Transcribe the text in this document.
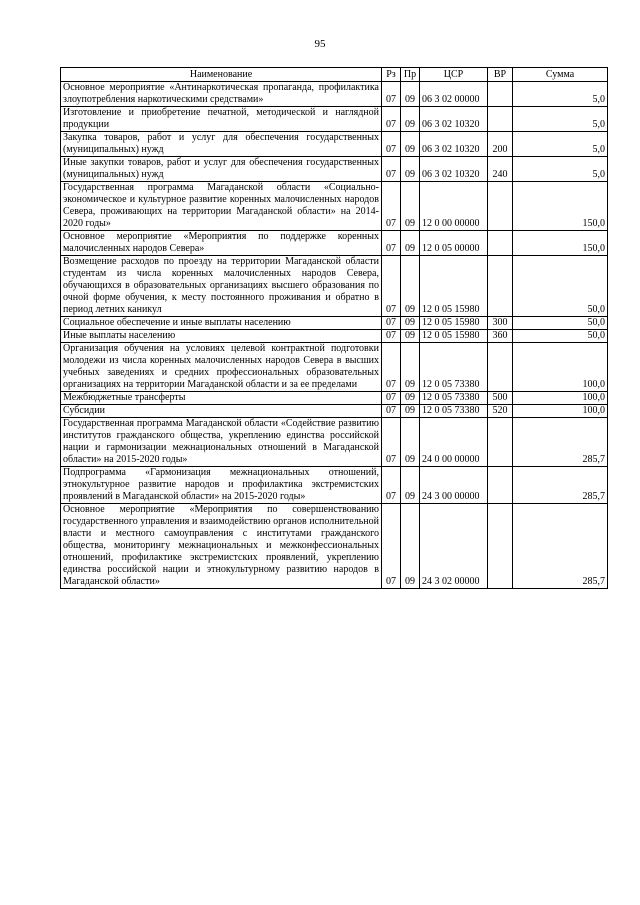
95
Наименование	Рз	Пр	ЦСР	ВР	Сумма
Основное мероприятие «Антинаркотическая пропаганда, профилактика злоупотребления наркотическими средствами»	07	09	06 3 02 00000		5,0
Изготовление и приобретение печатной, методической и наглядной продукции	07	09	06 3 02 10320		5,0
Закупка товаров, работ и услуг для обеспечения государственных (муниципальных) нужд	07	09	06 3 02 10320	200	5,0
Иные закупки товаров, работ и услуг для обеспечения государственных (муниципальных) нужд	07	09	06 3 02 10320	240	5,0
Государственная программа Магаданской области «Социально-экономическое и культурное развитие коренных малочисленных народов Севера, проживающих на территории Магаданской области» на 2014-2020 годы»	07	09	12 0 00 00000		150,0
Основное мероприятие «Мероприятия по поддержке коренных малочисленных народов Севера»	07	09	12 0 05 00000		150,0
Возмещение расходов по проезду на территории Магаданской области студентам из числа коренных малочисленных народов Севера, обучающихся в образовательных организациях высшего образования по очной форме обучения, к месту постоянного проживания и обратно в период летних каникул	07	09	12 0 05 15980		50,0
Социальное обеспечение и иные выплаты населению	07	09	12 0 05 15980	300	50,0
Иные выплаты населению	07	09	12 0 05 15980	360	50,0
Организация обучения на условиях целевой контрактной подготовки молодежи из числа коренных малочисленных народов Севера в высших учебных заведениях и средних профессиональных образовательных организациях на территории Магаданской области и за ее пределами	07	09	12 0 05 73380		100,0
Межбюджетные трансферты	07	09	12 0 05 73380	500	100,0
Субсидии	07	09	12 0 05 73380	520	100,0
Государственная программа Магаданской области «Содействие развитию институтов гражданского общества, укреплению единства российской нации и гармонизации межнациональных отношений в Магаданской области» на 2015-2020 годы»	07	09	24 0 00 00000		285,7
Подпрограмма «Гармонизация межнациональных отношений, этнокультурное развитие народов и профилактика экстремистских проявлений в Магаданской области» на 2015-2020 годы»	07	09	24 3 00 00000		285,7
Основное мероприятие «Мероприятия по совершенствованию государственного управления и взаимодействию органов исполнительной власти и местного самоуправления с институтами гражданского общества, мониторингу межнациональных и межконфессиональных отношений, профилактике экстремистских проявлений, укреплению единства российской нации и этнокультурному развитию народов в Магаданской области»	07	09	24 3 02 00000		285,7
